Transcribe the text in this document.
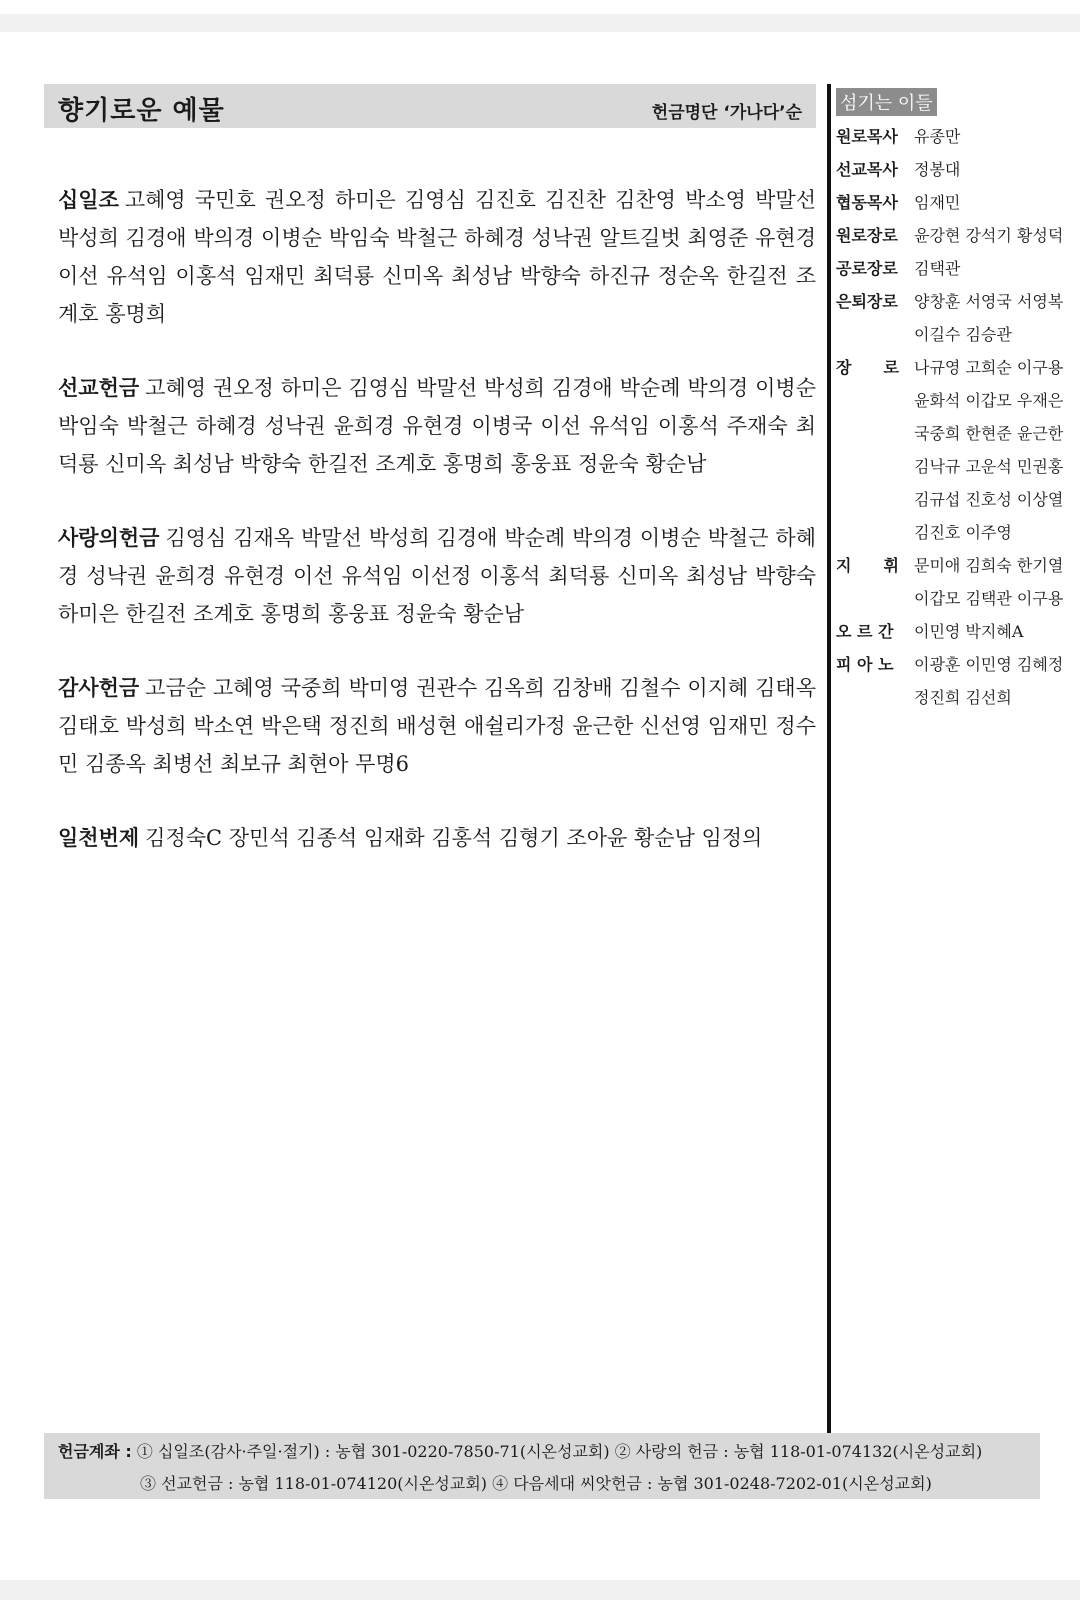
향기로운 예물	헌금명단 ‘가나다’순

십일조 고혜영 국민호 권오정 하미은 김영심 김진호 김진찬 김찬영 박소영 박말선 박성희 김경애 박의경 이병순 박임숙 박철근 하혜경 성낙권 알트길벗 최영준 유현경 이선 유석임 이홍석 임재민 최덕룡 신미옥 최성남 박향숙 하진규 정순옥 한길전 조계호 홍명희

선교헌금 고혜영 권오정 하미은 김영심 박말선 박성희 김경애 박순례 박의경 이병순 박임숙 박철근 하혜경 성낙권 윤희경 유현경 이병국 이선 유석임 이홍석 주재숙 최덕룡 신미옥 최성남 박향숙 한길전 조계호 홍명희 홍웅표 정윤숙 황순남

사랑의헌금 김영심 김재옥 박말선 박성희 김경애 박순례 박의경 이병순 박철근 하혜경 성낙권 윤희경 유현경 이선 유석임 이선정 이홍석 최덕룡 신미옥 최성남 박향숙 하미은 한길전 조계호 홍명희 홍웅표 정윤숙 황순남

감사헌금 고금순 고혜영 국중희 박미영 권관수 김옥희 김창배 김철수 이지혜 김태옥 김태호 박성희 박소연 박은택 정진희 배성현 애쉴리가정 윤근한 신선영 임재민 정수민 김종옥 최병선 최보규 최현아 무명6

일천번제 김정숙C 장민석 김종석 임재화 김홍석 김형기 조아윤 황순남 임정의

섬기는 이들
원로목사	유종만
선교목사	정봉대
협동목사	임재민
원로장로	윤강현 강석기 황성덕
공로장로	김택관
은퇴장로	양창훈 서영국 서영복 이길수 김승관
장　　로 나규영 고희순 이구용 윤화석 이갑모 우재은 국중희 한현준 윤근한 김낙규 고운석 민권홍 김규섭 진호성 이상열 김진호 이주영
지　　휘 문미애 김희숙 한기열 이갑모 김택관 이구용
오 르 간	이민영 박지혜A
피 아 노	이광훈 이민영 김혜정 정진희 김선희
헌금계좌 : ① 십일조(감사·주일·절기) : 농협 301-0220-7850-71(시온성교회) ② 사랑의 헌금 : 농협 118-01-074132(시온성교회)
③ 선교헌금 : 농협 118-01-074120(시온성교회) ④ 다음세대 씨앗헌금 : 농협 301-0248-7202-01(시온성교회)
